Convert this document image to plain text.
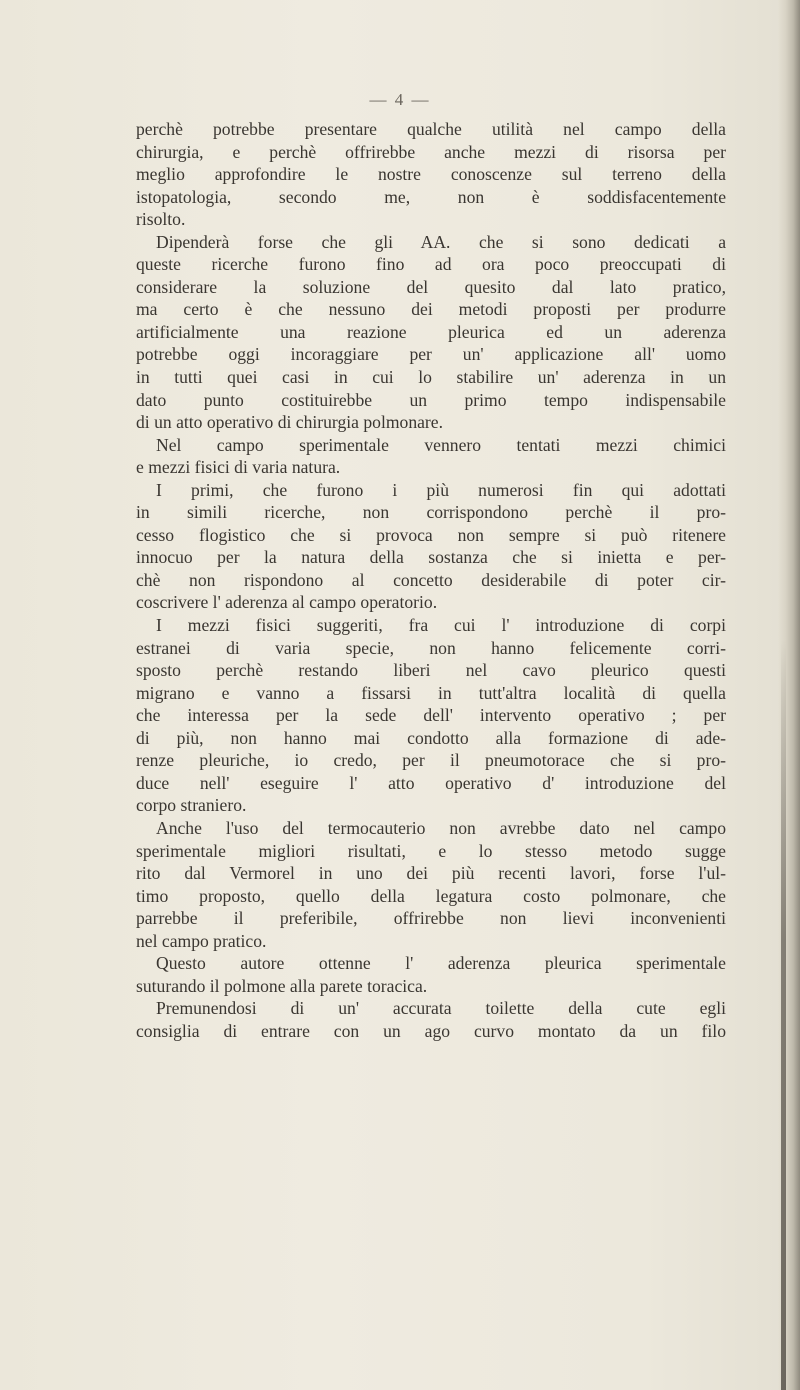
— 4 —
perchè potrebbe presentare qualche utilità nel campo della
chirurgia, e perchè offrirebbe anche mezzi di risorsa per
meglio approfondire le nostre conoscenze sul terreno della
istopatologia, secondo me, non è soddisfacentemente
risolto.
Dipenderà forse che gli AA. che si sono dedicati a
queste ricerche furono fino ad ora poco preoccupati di
considerare la soluzione del quesito dal lato pratico,
ma certo è che nessuno dei metodi proposti per produrre
artificialmente una reazione pleurica ed un aderenza
potrebbe oggi incoraggiare per un' applicazione all' uomo
in tutti quei casi in cui lo stabilire un' aderenza in un
dato punto costituirebbe un primo tempo indispensabile
di un atto operativo di chirurgia polmonare.
Nel campo sperimentale vennero tentati mezzi chimici
e mezzi fisici di varia natura.
I primi, che furono i più numerosi fin qui adottati
in simili ricerche, non corrispondono perchè il pro-
cesso flogistico che si provoca non sempre si può ritenere
innocuo per la natura della sostanza che si inietta e per-
chè non rispondono al concetto desiderabile di poter cir-
coscrivere l' aderenza al campo operatorio.
I mezzi fisici suggeriti, fra cui l' introduzione di corpi
estranei di varia specie, non hanno felicemente corri-
sposto perchè restando liberi nel cavo pleurico questi
migrano e vanno a fissarsi in tutt'altra località di quella
che interessa per la sede dell' intervento operativo ; per
di più, non hanno mai condotto alla formazione di ade-
renze pleuriche, io credo, per il pneumotorace che si pro-
duce nell' eseguire l' atto operativo d' introduzione del
corpo straniero.
Anche l'uso del termocauterio non avrebbe dato nel campo
sperimentale migliori risultati, e lo stesso metodo sugge
rito dal Vermorel in uno dei più recenti lavori, forse l'ul-
timo proposto, quello della legatura costo polmonare, che
parrebbe il preferibile, offrirebbe non lievi inconvenienti
nel campo pratico.
Questo autore ottenne l' aderenza pleurica sperimentale
suturando il polmone alla parete toracica.
Premunendosi di un' accurata toilette della cute egli
consiglia di entrare con un ago curvo montato da un filo
